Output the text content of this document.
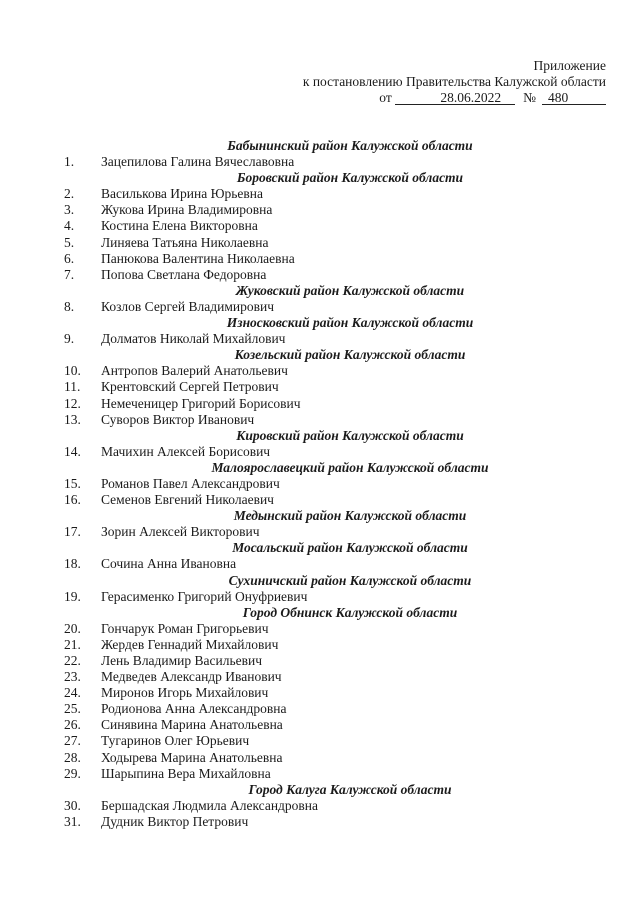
Приложение
к постановлению Правительства Калужской области
от	28.06.2022 № 480
Бабынинский район Калужской области
1.	Зацепилова Галина Вячеславовна
Боровский район Калужской области
2.	Василькова Ирина Юрьевна
3.	Жукова Ирина Владимировна
4.	Костина Елена Викторовна
5.	Линяева Татьяна Николаевна
6.	Панюкова Валентина Николаевна
7.	Попова Светлана Федоровна
Жуковский район Калужской области
8.	Козлов Сергей Владимирович
Износковский район Калужской области
9.	Долматов Николай Михайлович
Козельский район Калужской области
10.	Антропов Валерий Анатольевич
11.	Крентовский Сергей Петрович
12.	Немеченицер Григорий Борисович
13.	Суворов Виктор Иванович
Кировский район Калужской области
14.	Мачихин Алексей Борисович
Малоярославецкий район Калужской области
15.	Романов Павел Александрович
16.	Семенов Евгений Николаевич
Медынский район Калужской области
17.	Зорин Алексей Викторович
Мосальский район Калужской области
18.	Сочина Анна Ивановна
Сухиничский район Калужской области
19.	Герасименко Григорий Онуфриевич
Город Обнинск Калужской области
20.	Гончарук Роман Григорьевич
21.	Жердев Геннадий Михайлович
22.	Лень Владимир Васильевич
23.	Медведев Александр Иванович
24.	Миронов Игорь Михайлович
25.	Родионова Анна Александровна
26.	Синявина Марина Анатольевна
27.	Тугаринов Олег Юрьевич
28.	Ходырева Марина Анатольевна
29.	Шарыпина Вера Михайловна
Город Калуга Калужской области
30.	Бершадская Людмила Александровна
31.	Дудник Виктор Петрович
